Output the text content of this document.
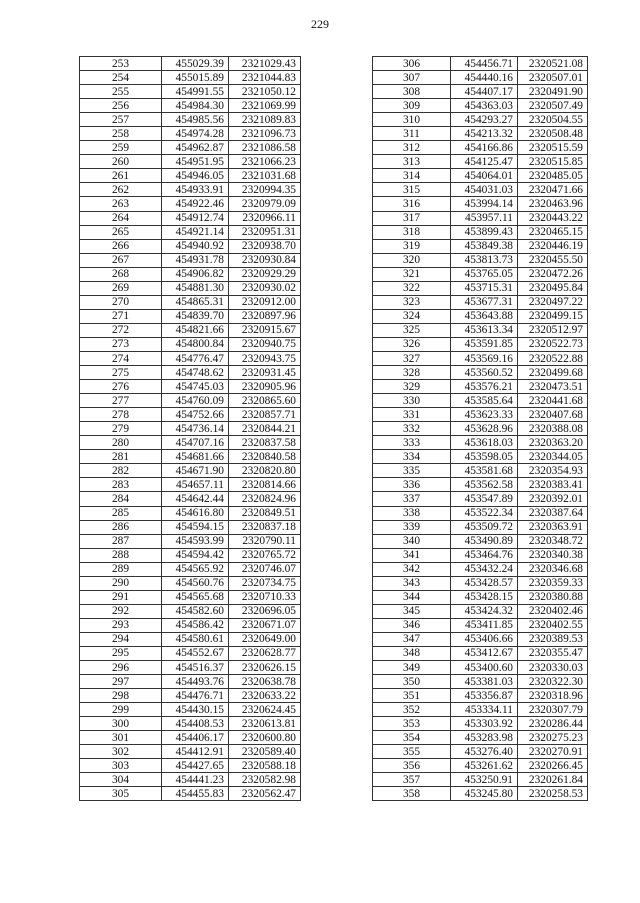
229
253	455029.39	2321029.43
254	455015.89	2321044.83
255	454991.55	2321050.12
256	454984.30	2321069.99
257	454985.56	2321089.83
258	454974.28	2321096.73
259	454962.87	2321086.58
260	454951.95	2321066.23
261	454946.05	2321031.68
262	454933.91	2320994.35
263	454922.46	2320979.09
264	454912.74	2320966.11
265	454921.14	2320951.31
266	454940.92	2320938.70
267	454931.78	2320930.84
268	454906.82	2320929.29
269	454881.30	2320930.02
270	454865.31	2320912.00
271	454839.70	2320897.96
272	454821.66	2320915.67
273	454800.84	2320940.75
274	454776.47	2320943.75
275	454748.62	2320931.45
276	454745.03	2320905.96
277	454760.09	2320865.60
278	454752.66	2320857.71
279	454736.14	2320844.21
280	454707.16	2320837.58
281	454681.66	2320840.58
282	454671.90	2320820.80
283	454657.11	2320814.66
284	454642.44	2320824.96
285	454616.80	2320849.51
286	454594.15	2320837.18
287	454593.99	2320790.11
288	454594.42	2320765.72
289	454565.92	2320746.07
290	454560.76	2320734.75
291	454565.68	2320710.33
292	454582.60	2320696.05
293	454586.42	2320671.07
294	454580.61	2320649.00
295	454552.67	2320628.77
296	454516.37	2320626.15
297	454493.76	2320638.78
298	454476.71	2320633.22
299	454430.15	2320624.45
300	454408.53	2320613.81
301	454406.17	2320600.80
302	454412.91	2320589.40
303	454427.65	2320588.18
304	454441.23	2320582.98
305	454455.83	2320562.47
306	454456.71	2320521.08
307	454440.16	2320507.01
308	454407.17	2320491.90
309	454363.03	2320507.49
310	454293.27	2320504.55
311	454213.32	2320508.48
312	454166.86	2320515.59
313	454125.47	2320515.85
314	454064.01	2320485.05
315	454031.03	2320471.66
316	453994.14	2320463.96
317	453957.11	2320443.22
318	453899.43	2320465.15
319	453849.38	2320446.19
320	453813.73	2320455.50
321	453765.05	2320472.26
322	453715.31	2320495.84
323	453677.31	2320497.22
324	453643.88	2320499.15
325	453613.34	2320512.97
326	453591.85	2320522.73
327	453569.16	2320522.88
328	453560.52	2320499.68
329	453576.21	2320473.51
330	453585.64	2320441.68
331	453623.33	2320407.68
332	453628.96	2320388.08
333	453618.03	2320363.20
334	453598.05	2320344.05
335	453581.68	2320354.93
336	453562.58	2320383.41
337	453547.89	2320392.01
338	453522.34	2320387.64
339	453509.72	2320363.91
340	453490.89	2320348.72
341	453464.76	2320340.38
342	453432.24	2320346.68
343	453428.57	2320359.33
344	453428.15	2320380.88
345	453424.32	2320402.46
346	453411.85	2320402.55
347	453406.66	2320389.53
348	453412.67	2320355.47
349	453400.60	2320330.03
350	453381.03	2320322.30
351	453356.87	2320318.96
352	453334.11	2320307.79
353	453303.92	2320286.44
354	453283.98	2320275.23
355	453276.40	2320270.91
356	453261.62	2320266.45
357	453250.91	2320261.84
358	453245.80	2320258.53
